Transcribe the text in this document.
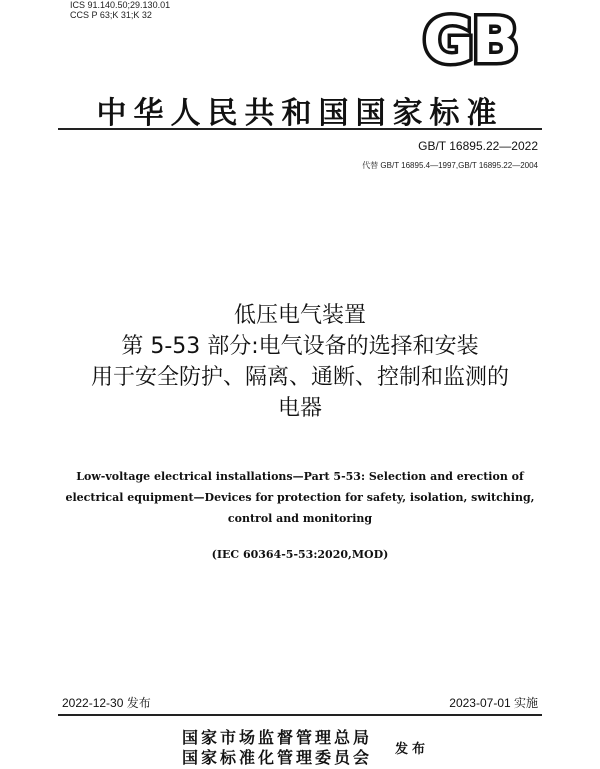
ICS 91.140.50;29.130.01
CCS P 63;K 31;K 32	GB
中华人民共和国国家标准
GB/T 16895.22—2022
代替 GB/T 16895.4—1997,GB/T 16895.22—2004
低压电气装置
第 5-53 部分:电气设备的选择和安装
用于安全防护、隔离、通断、控制和监测的
电器
Low-voltage electrical installations—Part 5-53: Selection and erection of
electrical equipment—Devices for protection for safety, isolation, switching,
control and monitoring
(IEC 60364-5-53:2020,MOD)
2022-12-30 发布	2023-07-01 实施
国家市场监督管理总局
国家标准化管理委员会 发布
